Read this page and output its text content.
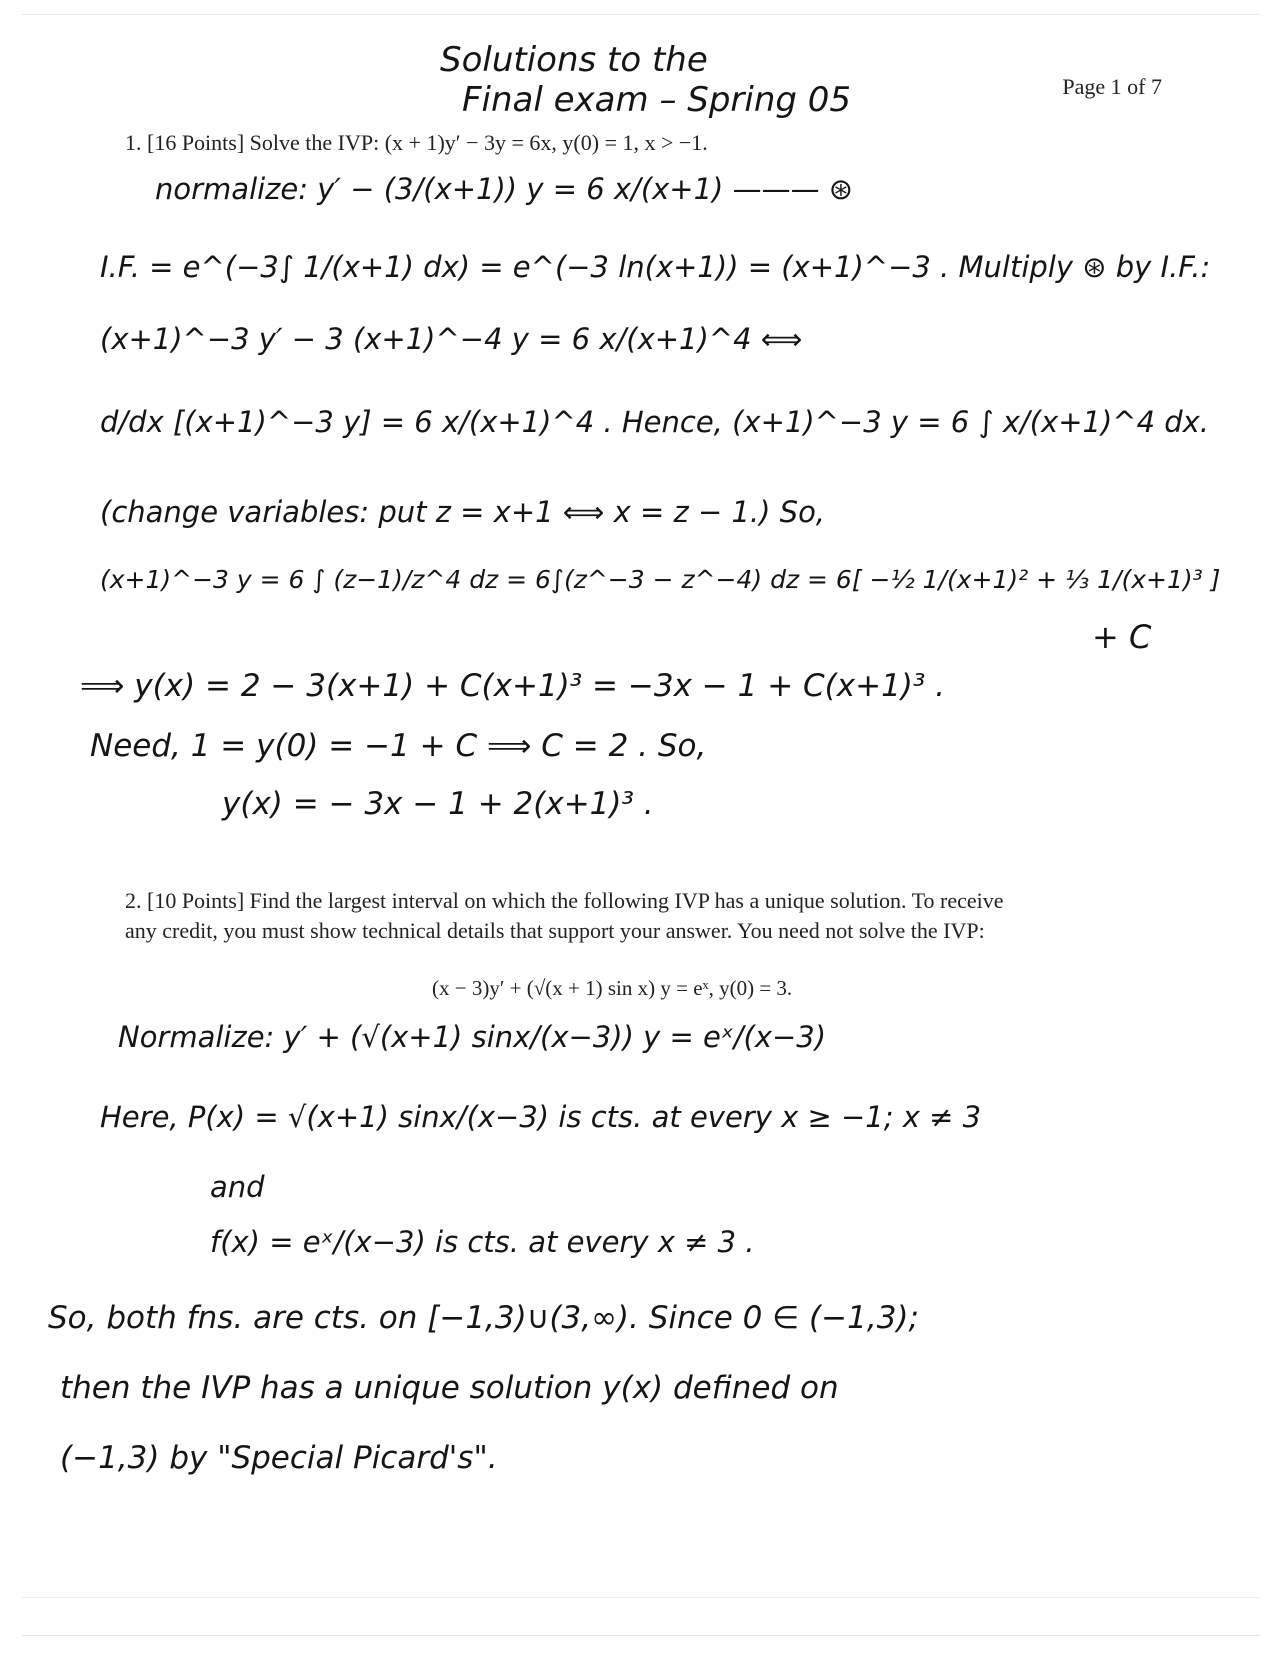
Solutions to the
Final exam – Spring 05	Page 1 of 7
1. [16 Points] Solve the IVP: (x + 1)y′ − 3y = 6x, y(0) = 1, x > −1.
normalize: y′ − (3/(x+1)) y = 6 x/(x+1) ——— ⊛
I.F. = e^(−3∫ 1/(x+1) dx) = e^(−3 ln(x+1)) = (x+1)^−3 . Multiply ⊛ by I.F.:
(x+1)^−3 y′ − 3 (x+1)^−4 y = 6 x/(x+1)^4 ⟺
d/dx [(x+1)^−3 y] = 6 x/(x+1)^4 . Hence, (x+1)^−3 y = 6 ∫ x/(x+1)^4 dx.
(change variables: put z = x+1 ⟺ x = z − 1.) So,
(x+1)^−3 y = 6 ∫ (z−1)/z^4 dz = 6∫(z^−3 − z^−4) dz = 6[ −½ 1/(x+1)² + ⅓ 1/(x+1)³ ]
+ C
⟹ y(x) = 2 − 3(x+1) + C(x+1)³ = −3x − 1 + C(x+1)³ .
Need, 1 = y(0) = −1 + C ⟹ C = 2 . So,
y(x) = − 3x − 1 + 2(x+1)³ .
2. [10 Points] Find the largest interval on which the following IVP has a unique solution. To receive
any credit, you must show technical details that support your answer. You need not solve the IVP:
(x − 3)y′ + (√(x + 1) sin x) y = eˣ, y(0) = 3.
Normalize: y′ + (√(x+1) sinx/(x−3)) y = eˣ/(x−3)
Here, P(x) = √(x+1) sinx/(x−3) is cts. at every x ≥ −1; x ≠ 3
and
f(x) = eˣ/(x−3) is cts. at every x ≠ 3 .
So, both fns. are cts. on [−1,3)∪(3,∞). Since 0 ∈ (−1,3);
then the IVP has a unique solution y(x) defined on
(−1,3) by "Special Picard's".
